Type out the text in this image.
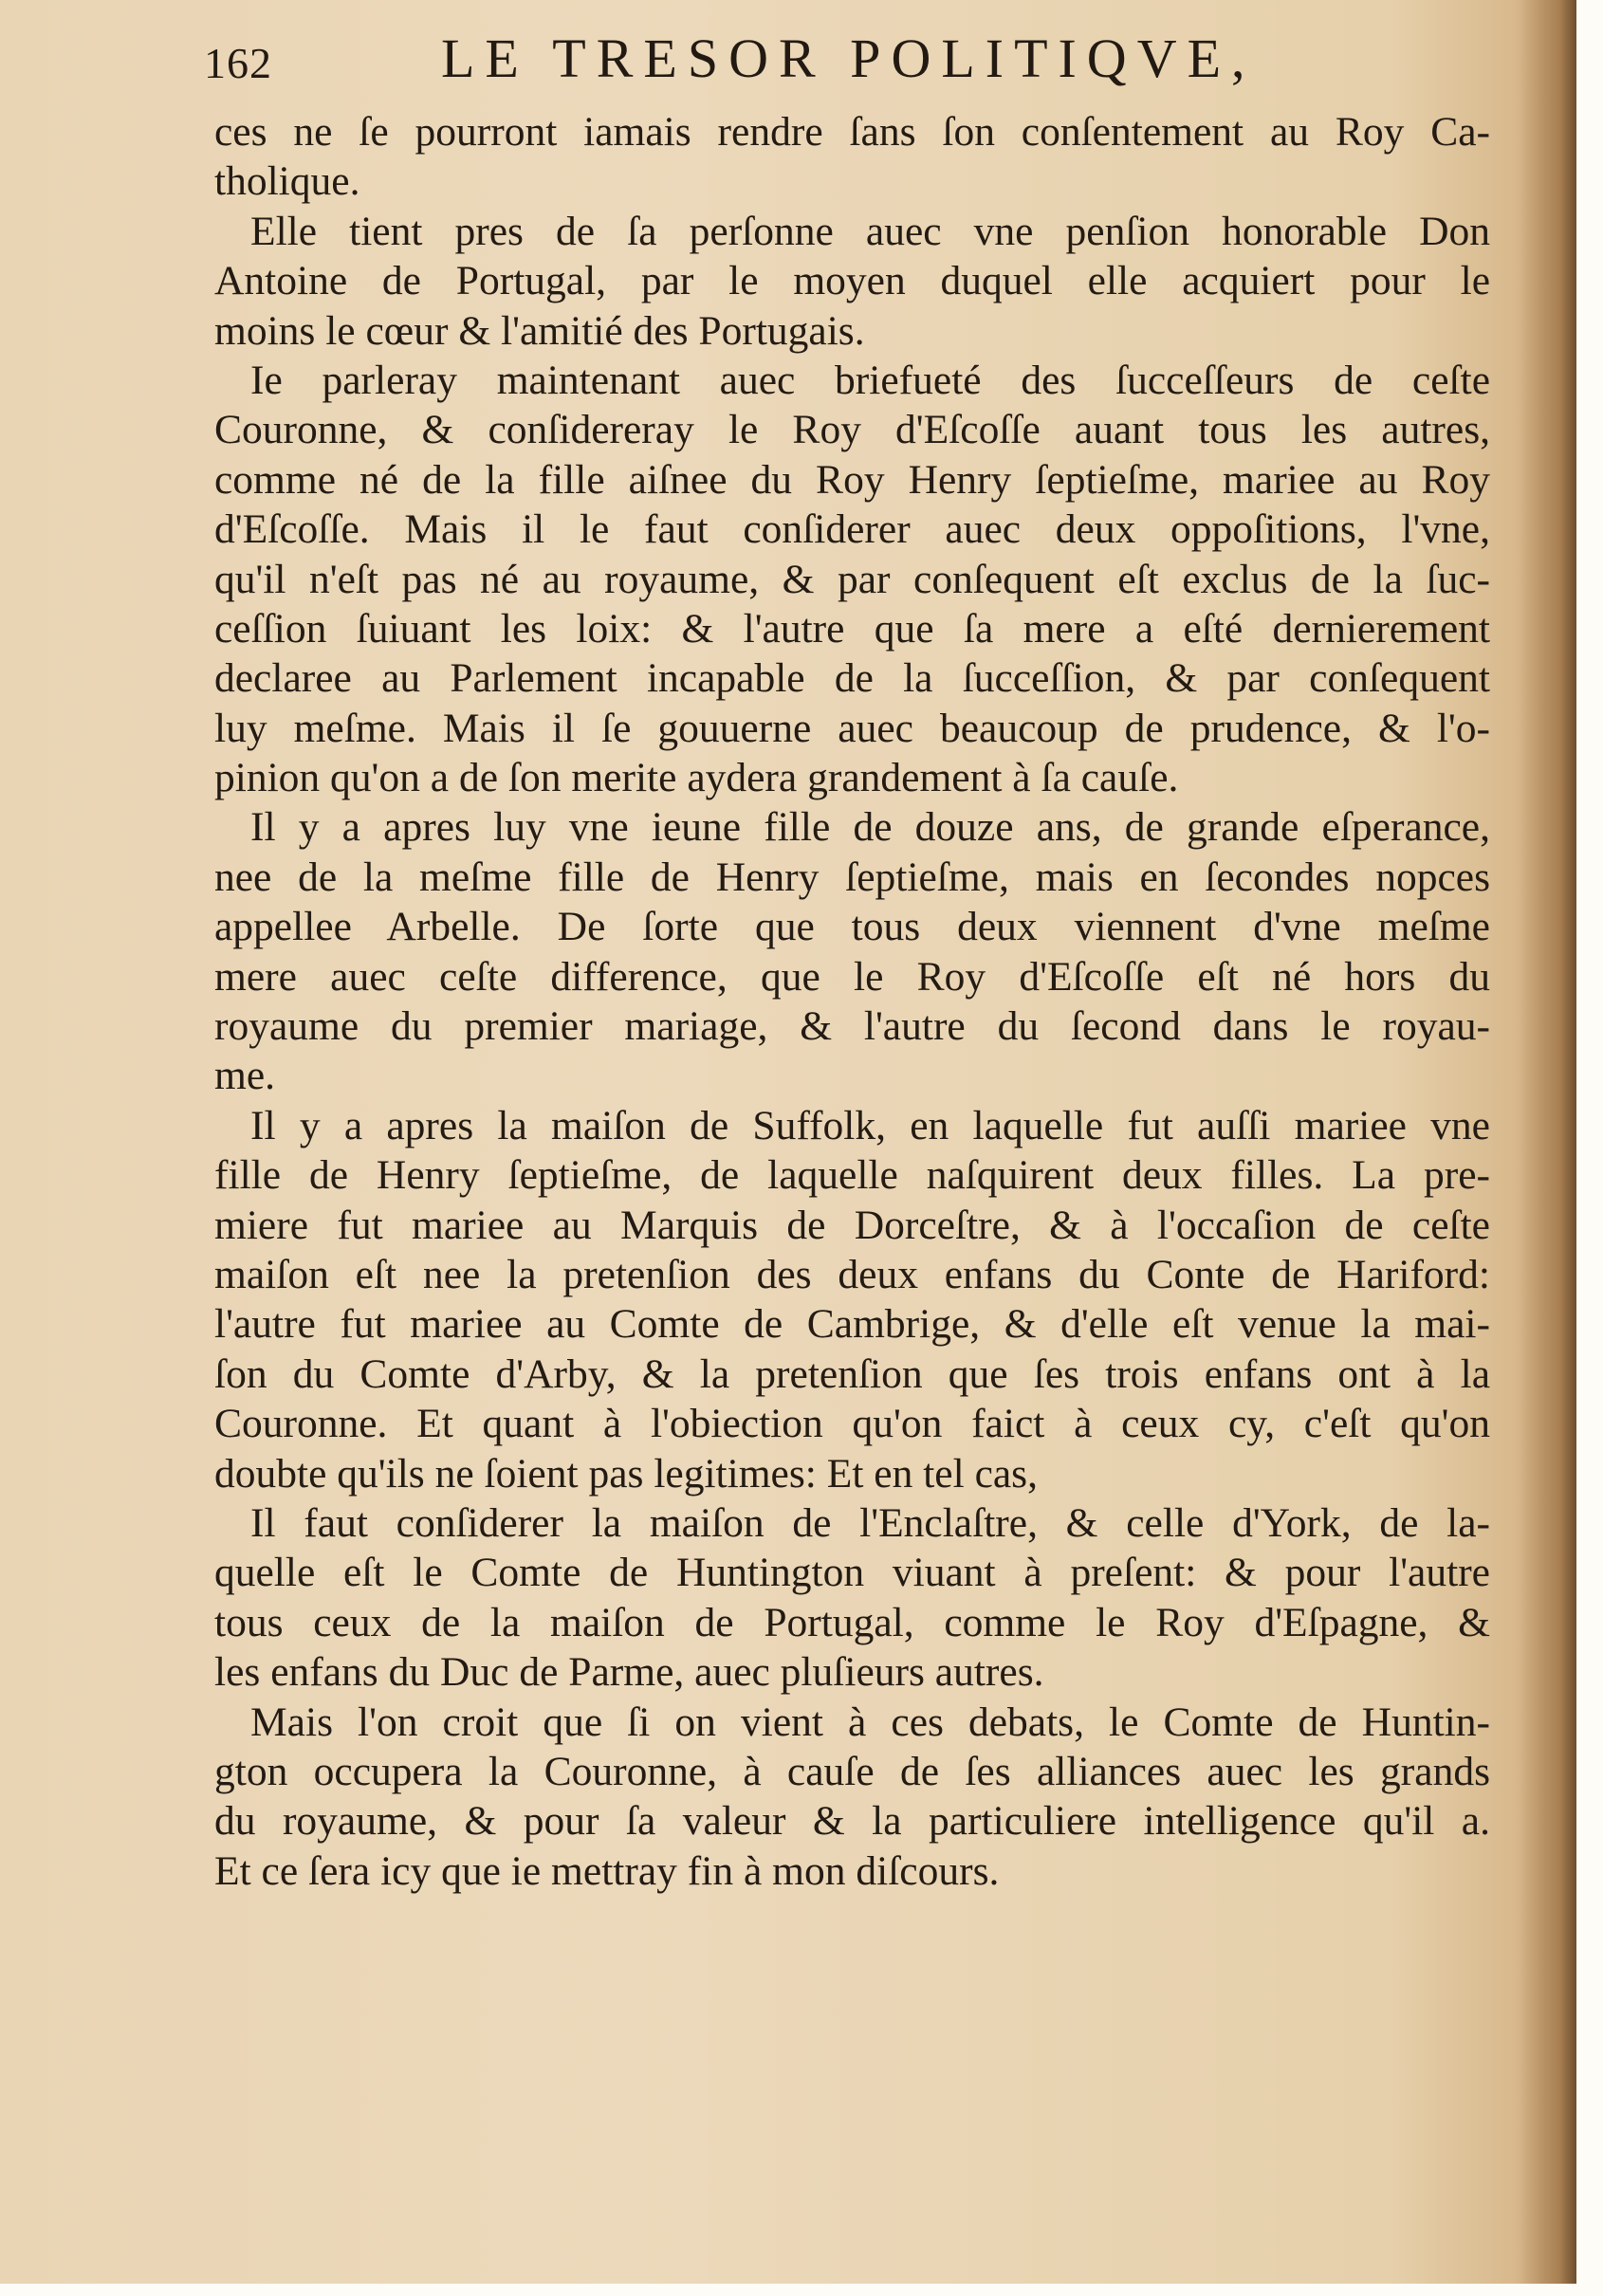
162	LE TRESOR POLITIQVE,
ces ne ſe pourront iamais rendre ſans ſon conſentement au Roy Ca-
tholique.
Elle tient pres de ſa perſonne auec vne penſion honorable Don
Antoine de Portugal, par le moyen duquel elle acquiert pour le
moins le cœur & l'amitié des Portugais.
Ie parleray maintenant auec briefueté des ſucceſſeurs de ceſte
Couronne, & conſidereray le Roy d'Eſcoſſe auant tous les autres,
comme né de la fille aiſnee du Roy Henry ſeptieſme, mariee au Roy
d'Eſcoſſe. Mais il le faut conſiderer auec deux oppoſitions, l'vne,
qu'il n'eſt pas né au royaume, & par conſequent eſt exclus de la ſuc-
ceſſion ſuiuant les loix: & l'autre que ſa mere a eſté dernierement
declaree au Parlement incapable de la ſucceſſion, & par conſequent
luy meſme. Mais il ſe gouuerne auec beaucoup de prudence, & l'o-
pinion qu'on a de ſon merite aydera grandement à ſa cauſe.
Il y a apres luy vne ieune fille de douze ans, de grande eſperance,
nee de la meſme fille de Henry ſeptieſme, mais en ſecondes nopces
appellee Arbelle. De ſorte que tous deux viennent d'vne meſme
mere auec ceſte difference, que le Roy d'Eſcoſſe eſt né hors du
royaume du premier mariage, & l'autre du ſecond dans le royau-
me.
Il y a apres la maiſon de Suffolk, en laquelle fut auſſi mariee vne
fille de Henry ſeptieſme, de laquelle naſquirent deux filles. La pre-
miere fut mariee au Marquis de Dorceſtre, & à l'occaſion de ceſte
maiſon eſt nee la pretenſion des deux enfans du Conte de Hariford:
l'autre fut mariee au Comte de Cambrige, & d'elle eſt venue la mai-
ſon du Comte d'Arby, & la pretenſion que ſes trois enfans ont à la
Couronne. Et quant à l'obiection qu'on faict à ceux cy, c'eſt qu'on
doubte qu'ils ne ſoient pas legitimes: Et en tel cas,
Il faut conſiderer la maiſon de l'Enclaſtre, & celle d'York, de la-
quelle eſt le Comte de Huntington viuant à preſent: & pour l'autre
tous ceux de la maiſon de Portugal, comme le Roy d'Eſpagne, &
les enfans du Duc de Parme, auec pluſieurs autres.
Mais l'on croit que ſi on vient à ces debats, le Comte de Huntin-
gton occupera la Couronne, à cauſe de ſes alliances auec les grands
du royaume, & pour ſa valeur & la particuliere intelligence qu'il a.
Et ce ſera icy que ie mettray fin à mon diſcours.
